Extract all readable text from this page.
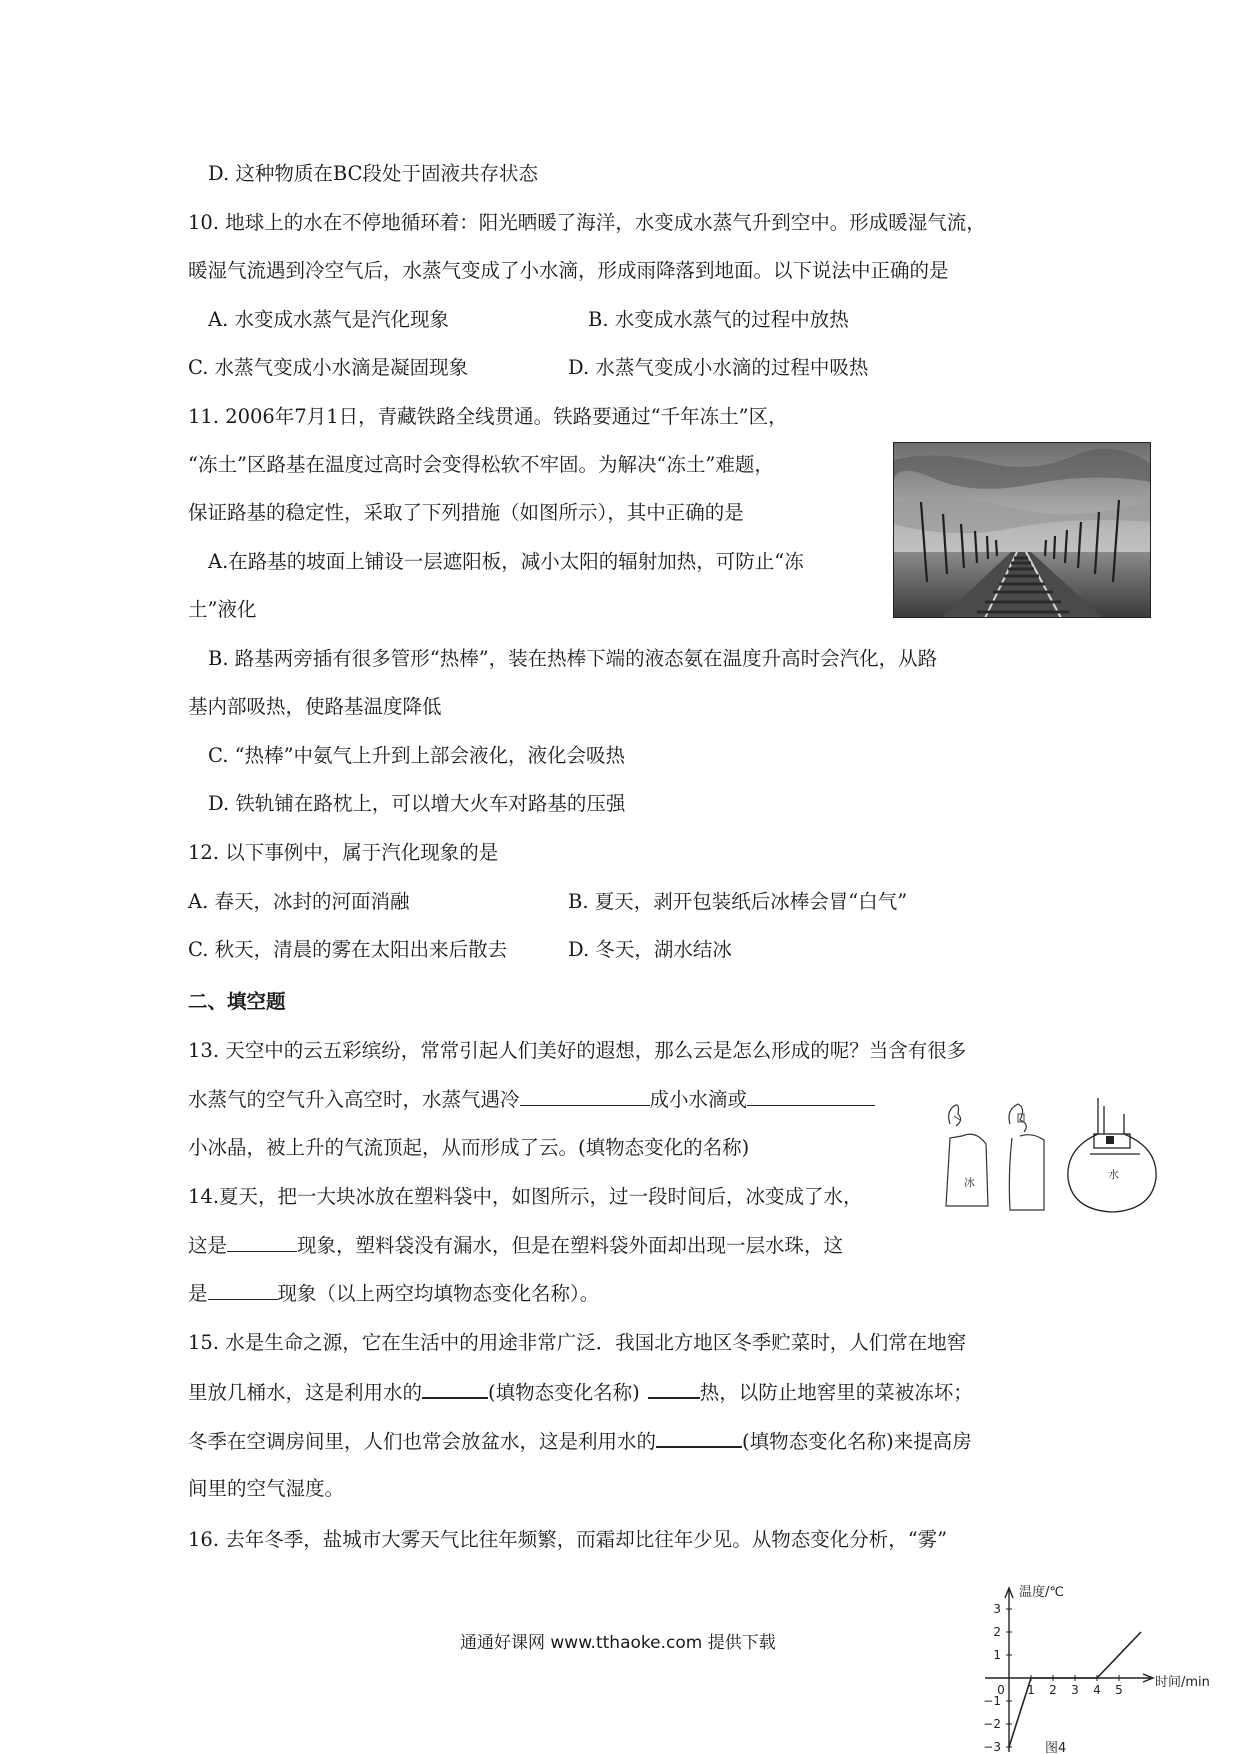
D. 这种物质在BC段处于固液共存状态
10. 地球上的水在不停地循环着：阳光晒暖了海洋，水变成水蒸气升到空中。形成暖湿气流，
暖湿气流遇到冷空气后，水蒸气变成了小水滴，形成雨降落到地面。以下说法中正确的是
A. 水变成水蒸气是汽化现象	B. 水变成水蒸气的过程中放热
C. 水蒸气变成小水滴是凝固现象	D. 水蒸气变成小水滴的过程中吸热
11. 2006年7月1日，青藏铁路全线贯通。铁路要通过“千年冻土”区，
“冻土”区路基在温度过高时会变得松软不牢固。为解决“冻土”难题，
保证路基的稳定性，采取了下列措施（如图所示），其中正确的是
A.在路基的坡面上铺设一层遮阳板，减小太阳的辐射加热，可防止“冻
土”液化
B. 路基两旁插有很多管形“热棒”，装在热棒下端的液态氨在温度升高时会汽化，从路
基内部吸热，使路基温度降低
C. “热棒”中氨气上升到上部会液化，液化会吸热
D. 铁轨铺在路枕上，可以增大火车对路基的压强
12. 以下事例中，属于汽化现象的是
A. 春天，冰封的河面消融	B. 夏天，剥开包装纸后冰棒会冒“白气”
C. 秋天，清晨的雾在太阳出来后散去	D. 冬天，湖水结冰
二、填空题
13. 天空中的云五彩缤纷，常常引起人们美好的遐想，那么云是怎么形成的呢？当含有很多
水蒸气的空气升入高空时，水蒸气遇冷	成小水滴或
小冰晶，被上升的气流顶起，从而形成了云。(填物态变化的名称)
14.夏天，把一大块冰放在塑料袋中，如图所示，过一段时间后，冰变成了水，
这是	现象，塑料袋没有漏水，但是在塑料袋外面却出现一层水珠，这
是	现象（以上两空均填物态变化名称）。
冰
水
15. 水是生命之源，它在生活中的用途非常广泛．我国北方地区冬季贮菜时，人们常在地窖
里放几桶水，这是利用水的	(填物态变化名称)	热，以防止地窖里的菜被冻坏；
冬季在空调房间里，人们也常会放盆水，这是利用水的	(填物态变化名称)来提高房
间里的空气湿度。
16. 去年冬季，盐城市大雾天气比往年频繁，而霜却比往年少见。从物态变化分析，“雾”
通通好课网 www.tthaoke.com 提供下载
3
2
1
−1
−2
−3
0 1 2 3 4 5
温度/℃
时间/min
图4
